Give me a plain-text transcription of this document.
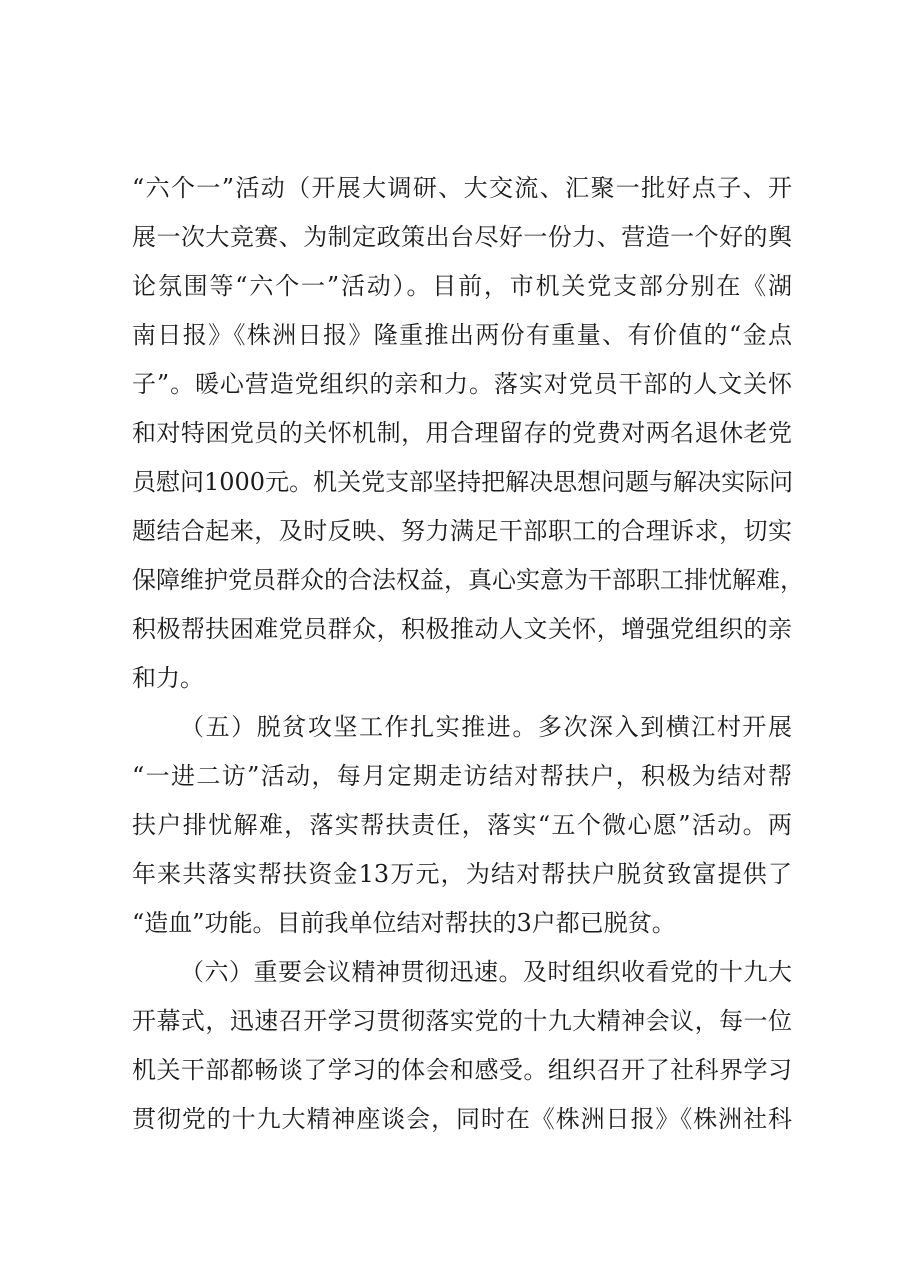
“六个一”活动（开展大调研、大交流、汇聚一批好点子、开
展一次大竞赛、为制定政策出台尽好一份力、营造一个好的舆
论氛围等“六个一”活动）。目前，市机关党支部分别在《湖
南日报》《株洲日报》隆重推出两份有重量、有价值的“金点
子”。暖心营造党组织的亲和力。落实对党员干部的人文关怀
和对特困党员的关怀机制，用合理留存的党费对两名退休老党
员慰问1000元。机关党支部坚持把解决思想问题与解决实际问
题结合起来，及时反映、努力满足干部职工的合理诉求，切实
保障维护党员群众的合法权益，真心实意为干部职工排忧解难，
积极帮扶困难党员群众，积极推动人文关怀，增强党组织的亲
和力。
（五）脱贫攻坚工作扎实推进。多次深入到横江村开展
“一进二访”活动，每月定期走访结对帮扶户，积极为结对帮
扶户排忧解难，落实帮扶责任，落实“五个微心愿”活动。两
年来共落实帮扶资金13万元，为结对帮扶户脱贫致富提供了
“造血”功能。目前我单位结对帮扶的3户都已脱贫。
（六）重要会议精神贯彻迅速。及时组织收看党的十九大
开幕式，迅速召开学习贯彻落实党的十九大精神会议，每一位
机关干部都畅谈了学习的体会和感受。组织召开了社科界学习
贯彻党的十九大精神座谈会，同时在《株洲日报》《株洲社科
